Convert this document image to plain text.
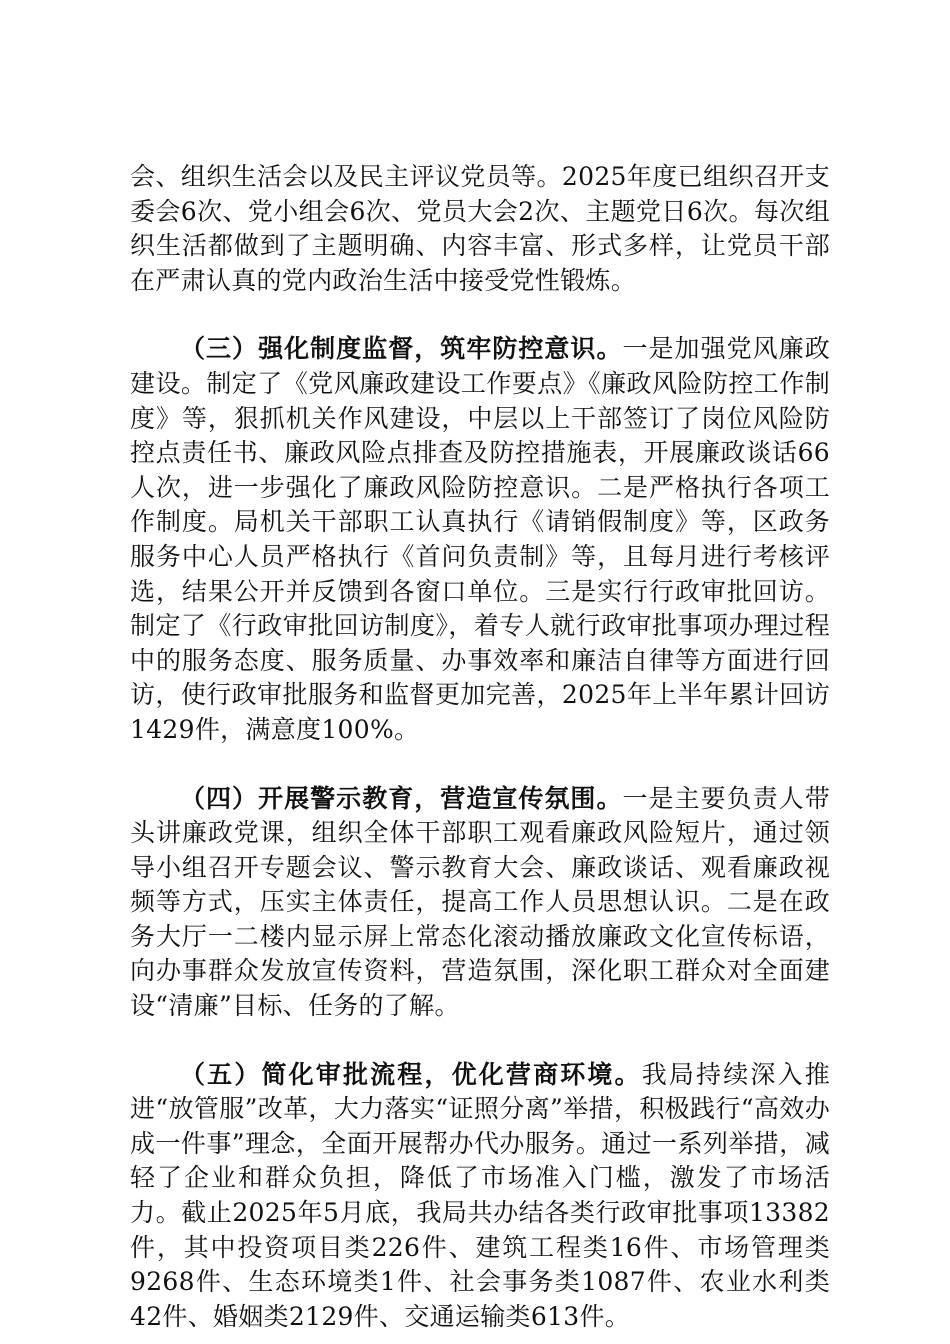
会、组织生活会以及民主评议党员等。2025年度已组织召开支委会6次、党小组会6次、党员大会2次、主题党日6次。每次组织生活都做到了主题明确、内容丰富、形式多样，让党员干部在严肃认真的党内政治生活中接受党性锻炼。

（三）强化制度监督，筑牢防控意识。一是加强党风廉政建设。制定了《党风廉政建设工作要点》《廉政风险防控工作制度》等，狠抓机关作风建设，中层以上干部签订了岗位风险防控点责任书、廉政风险点排查及防控措施表，开展廉政谈话66人次，进一步强化了廉政风险防控意识。二是严格执行各项工作制度。局机关干部职工认真执行《请销假制度》等，区政务服务中心人员严格执行《首问负责制》等，且每月进行考核评选，结果公开并反馈到各窗口单位。三是实行行政审批回访。制定了《行政审批回访制度》，着专人就行政审批事项办理过程中的服务态度、服务质量、办事效率和廉洁自律等方面进行回访，使行政审批服务和监督更加完善，2025年上半年累计回访1429件，满意度100%。

（四）开展警示教育，营造宣传氛围。一是主要负责人带头讲廉政党课，组织全体干部职工观看廉政风险短片，通过领导小组召开专题会议、警示教育大会、廉政谈话、观看廉政视频等方式，压实主体责任，提高工作人员思想认识。二是在政务大厅一二楼内显示屏上常态化滚动播放廉政文化宣传标语，向办事群众发放宣传资料，营造氛围，深化职工群众对全面建设“清廉”目标、任务的了解。

（五）简化审批流程，优化营商环境。我局持续深入推进“放管服”改革，大力落实“证照分离”举措，积极践行“高效办成一件事”理念，全面开展帮办代办服务。通过一系列举措，减轻了企业和群众负担，降低了市场准入门槛，激发了市场活力。截止2025年5月底，我局共办结各类行政审批事项13382件，其中投资项目类226件、建筑工程类16件、市场管理类9268件、生态环境类1件、社会事务类1087件、农业水利类42件、婚姻类2129件、交通运输类613件。
